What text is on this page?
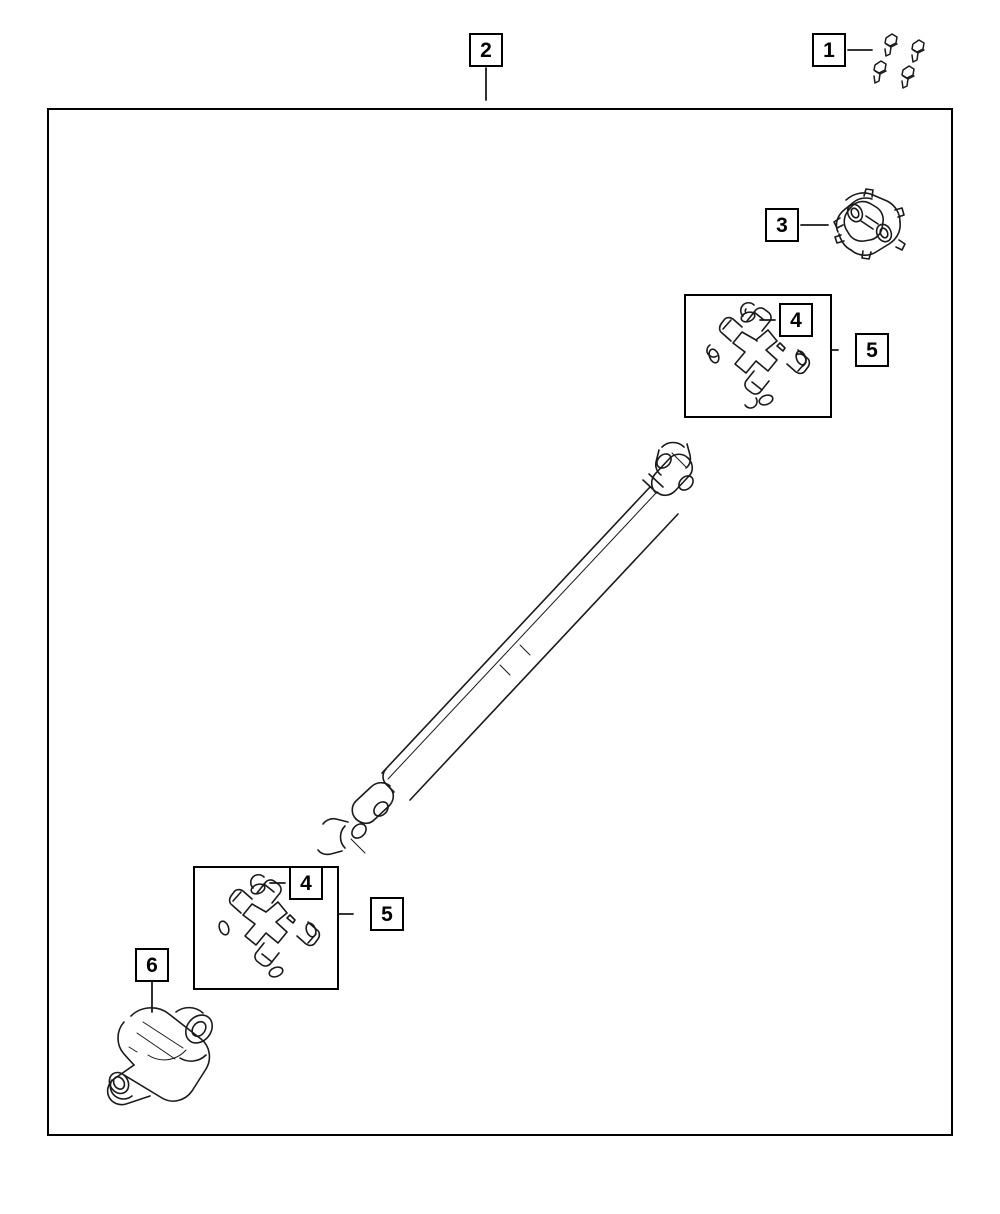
2	1
3
4
5
4
5
6
